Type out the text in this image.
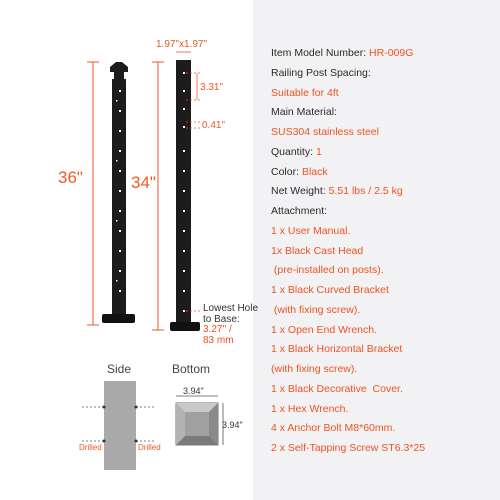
36"	34"
1.97"x1.97"
3.31"
0.41"
Lowest Hole
to Base:
3.27'' /
83 mm
Side	Bottom
Drilled	Drilled
3.94"
3.94"
Item Model Number: HR-009G
Railing Post Spacing:
Suitable for 4ft
Main Material:
SUS304 stainless steel
Quantity: 1
Color: Black
Net Weight: 5.51 lbs / 2.5 kg
Attachment:
1 x User Manual.
1x Black Cast Head
(pre-installed on posts).
1 x Black Curved Bracket
(with fixing screw).
1 x Open End Wrench.
1 x Black Horizontal Bracket
(with fixing screw).
1 x Black Decorative  Cover.
1 x Hex Wrench.
4 x Anchor Bolt M8*60mm.
2 x Self-Tapping Screw ST6.3*25
